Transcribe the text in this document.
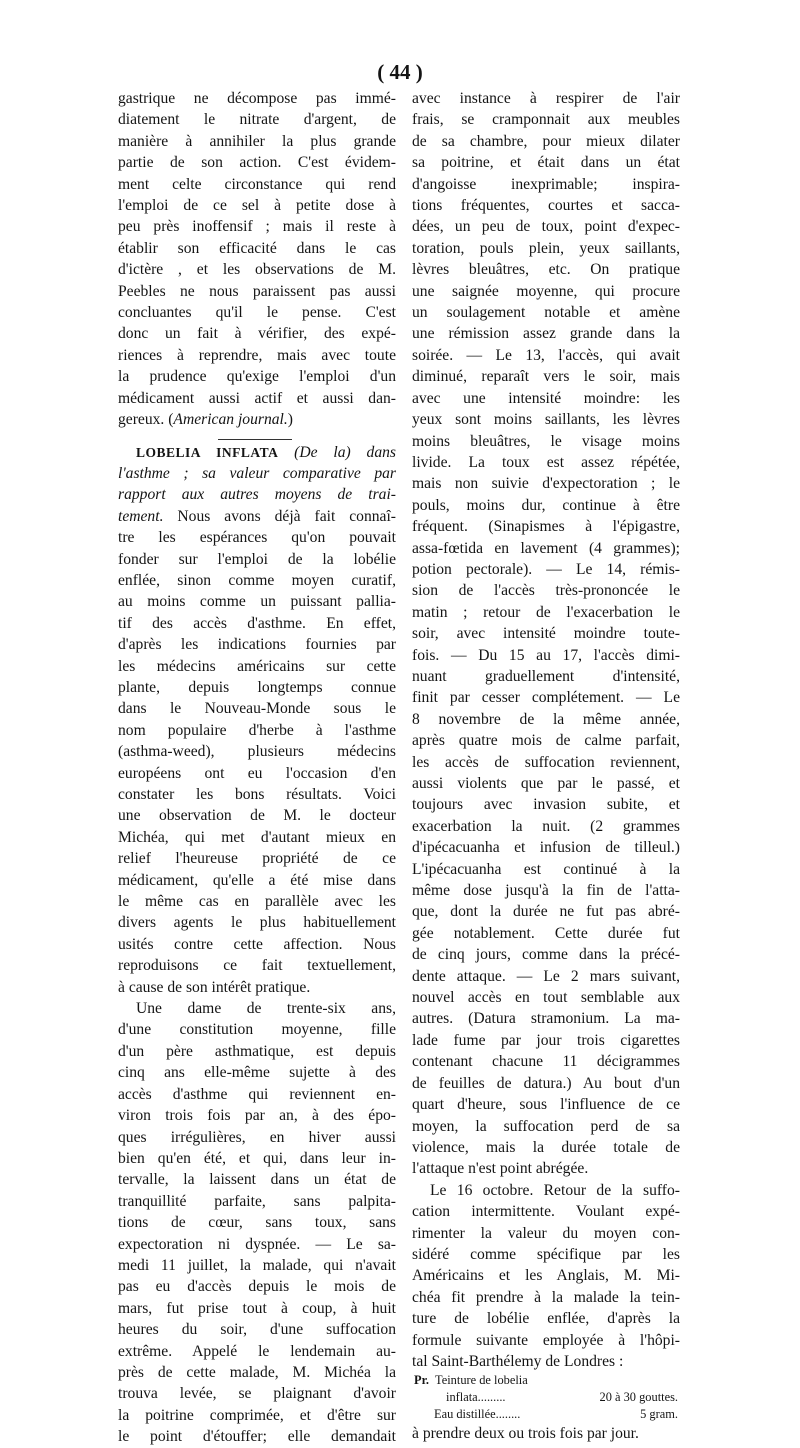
( 44 )
gastrique ne décompose pas immé-
diatement le nitrate d'argent, de
manière à annihiler la plus grande
partie de son action. C'est évidem-
ment celte circonstance qui rend
l'emploi de ce sel à petite dose à
peu près inoffensif ; mais il reste à
établir son efficacité dans le cas
d'ictère , et les observations de M.
Peebles ne nous paraissent pas aussi
concluantes qu'il le pense. C'est
donc un fait à vérifier, des expé-
riences à reprendre, mais avec toute
la prudence qu'exige l'emploi d'un
médicament aussi actif et aussi dan-
gereux. (American journal.)
LOBELIA INFLATA (De la) dans
l'asthme ; sa valeur comparative par
rapport aux autres moyens de trai-
tement. Nous avons déjà fait connaî-
tre les espérances qu'on pouvait
fonder sur l'emploi de la lobélie
enflée, sinon comme moyen curatif,
au moins comme un puissant pallia-
tif des accès d'asthme. En effet,
d'après les indications fournies par
les médecins américains sur cette
plante, depuis longtemps connue
dans le Nouveau-Monde sous le
nom populaire d'herbe à l'asthme
(asthma-weed), plusieurs médecins
européens ont eu l'occasion d'en
constater les bons résultats. Voici
une observation de M. le docteur
Michéa, qui met d'autant mieux en
relief l'heureuse propriété de ce
médicament, qu'elle a été mise dans
le même cas en parallèle avec les
divers agents le plus habituellement
usités contre cette affection. Nous
reproduisons ce fait textuellement,
à cause de son intérêt pratique.
Une dame de trente-six ans,
d'une constitution moyenne, fille
d'un père asthmatique, est depuis
cinq ans elle-même sujette à des
accès d'asthme qui reviennent en-
viron trois fois par an, à des épo-
ques irrégulières, en hiver aussi
bien qu'en été, et qui, dans leur in-
tervalle, la laissent dans un état de
tranquillité parfaite, sans palpita-
tions de cœur, sans toux, sans
expectoration ni dyspnée. — Le sa-
medi 11 juillet, la malade, qui n'avait
pas eu d'accès depuis le mois de
mars, fut prise tout à coup, à huit
heures du soir, d'une suffocation
extrême. Appelé le lendemain au-
près de cette malade, M. Michéa la
trouva levée, se plaignant d'avoir
la poitrine comprimée, et d'être sur
le point d'étouffer; elle demandait
avec instance à respirer de l'air
frais, se cramponnait aux meubles
de sa chambre, pour mieux dilater
sa poitrine, et était dans un état
d'angoisse inexprimable; inspira-
tions fréquentes, courtes et sacca-
dées, un peu de toux, point d'expec-
toration, pouls plein, yeux saillants,
lèvres bleuâtres, etc. On pratique
une saignée moyenne, qui procure
un soulagement notable et amène
une rémission assez grande dans la
soirée. — Le 13, l'accès, qui avait
diminué, reparaît vers le soir, mais
avec une intensité moindre: les
yeux sont moins saillants, les lèvres
moins bleuâtres, le visage moins
livide. La toux est assez répétée,
mais non suivie d'expectoration ; le
pouls, moins dur, continue à être
fréquent. (Sinapismes à l'épigastre,
assa-fœtida en lavement (4 grammes);
potion pectorale). — Le 14, rémis-
sion de l'accès très-prononcée le
matin ; retour de l'exacerbation le
soir, avec intensité moindre toute-
fois. — Du 15 au 17, l'accès dimi-
nuant graduellement d'intensité,
finit par cesser complétement. — Le
8 novembre de la même année,
après quatre mois de calme parfait,
les accès de suffocation reviennent,
aussi violents que par le passé, et
toujours avec invasion subite, et
exacerbation la nuit. (2 grammes
d'ipécacuanha et infusion de tilleul.)
L'ipécacuanha est continué à la
même dose jusqu'à la fin de l'atta-
que, dont la durée ne fut pas abré-
gée notablement. Cette durée fut
de cinq jours, comme dans la précé-
dente attaque. — Le 2 mars suivant,
nouvel accès en tout semblable aux
autres. (Datura stramonium. La ma-
lade fume par jour trois cigarettes
contenant chacune 11 décigrammes
de feuilles de datura.) Au bout d'un
quart d'heure, sous l'influence de ce
moyen, la suffocation perd de sa
violence, mais la durée totale de
l'attaque n'est point abrégée.
Le 16 octobre. Retour de la suffo-
cation intermittente. Voulant expé-
rimenter la valeur du moyen con-
sidéré comme spécifique par les
Américains et les Anglais, M. Mi-
chéa fit prendre à la malade la tein-
ture de lobélie enflée, d'après la
formule suivante employée à l'hôpi-
tal Saint-Barthélemy de Londres :
Pr. Teinture de lobelia
inflata.........	20 à 30 gouttes.
Eau distillée........	5 gram.
à prendre deux ou trois fois par jour.
